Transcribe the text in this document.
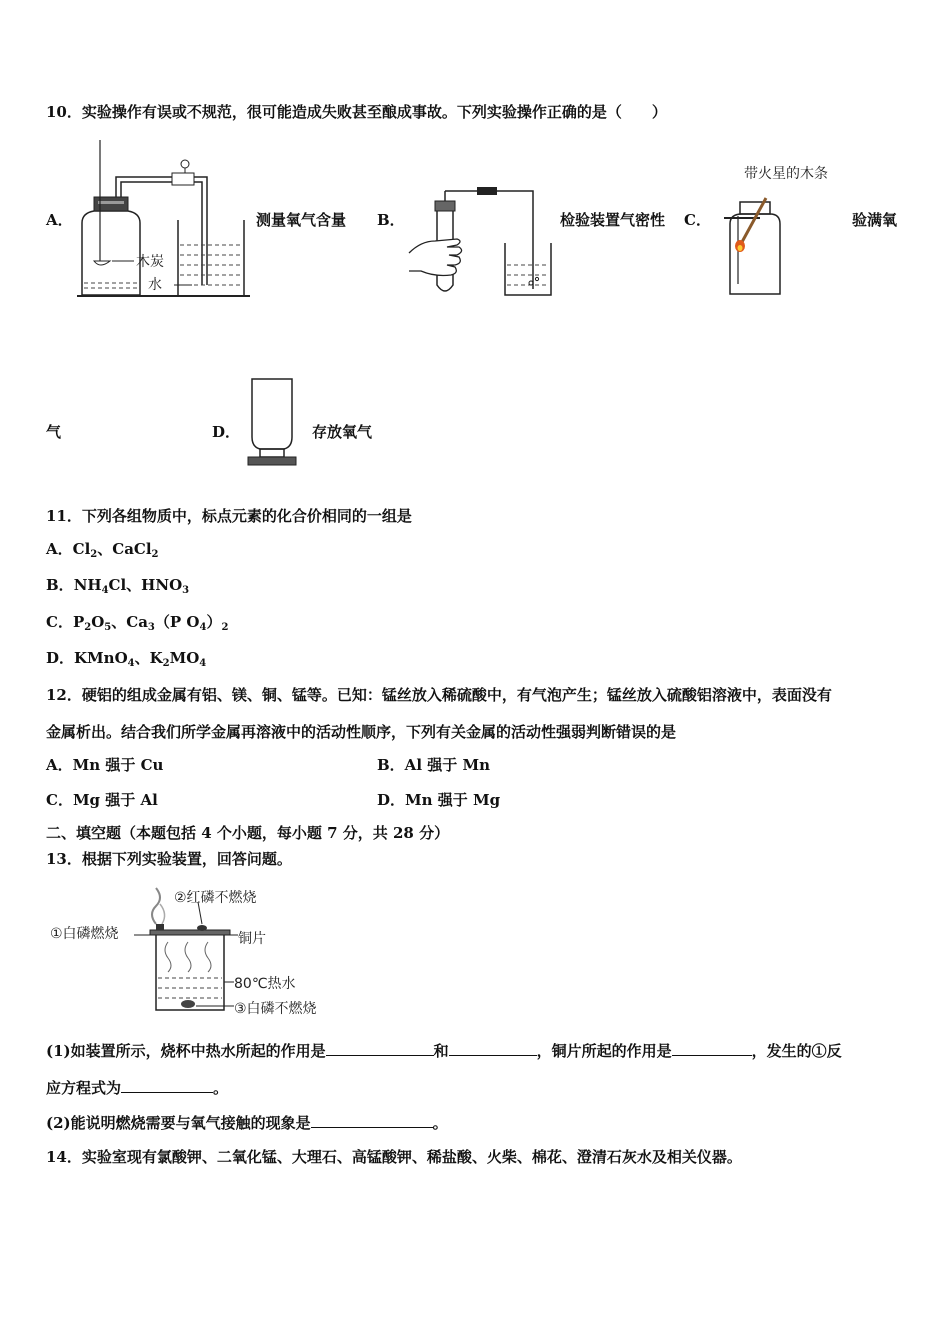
10．实验操作有误或不规范，很可能造成失败甚至酿成事故。下列实验操作正确的是（　　）
A．
木炭
水
测量氧气含量 B．	检验装置气密性 C．
带火星的木条
验满氧
气	D．	存放氧气
11．下列各组物质中，标点元素的化合价相同的一组是
A．$Cl_2$、CaCl$_2$
B．$NH_4Cl$、$HNO_3$
C．$P_2O_5$、$Ca_3(P$ $O_4)_2$
D．KMnO$_4$、$K_2MO_4$
12．硬铝的组成金属有铝、镁、铜、锰等。已知：锰丝放入稀硫酸中，有气泡产生；锰丝放入硫酸铝溶液中，表面没有
金属析出。结合我们所学金属再溶液中的活动性顺序，下列有关金属的活动性强弱判断错误的是
A．Mn 强于 Cu	B．Al 强于 Mn
C．Mg 强于 Al	D．Mn 强于 Mg
二、填空题（本题包括 4 个小题，每小题 7 分，共 28 分）
13．根据下列实验装置，回答问题。
②红磷不燃烧
①白磷燃烧	铜片
80℃热水
③白磷不燃烧
(1)如装置所示，烧杯中热水所起的作用是	和	，铜片所起的作用是	，发生的①反
应方程式为	。
(2)能说明燃烧需要与氧气接触的现象是	。
14．实验室现有氯酸钾、二氧化锰、大理石、高锰酸钾、稀盐酸、火柴、棉花、澄清石灰水及相关仪器。
